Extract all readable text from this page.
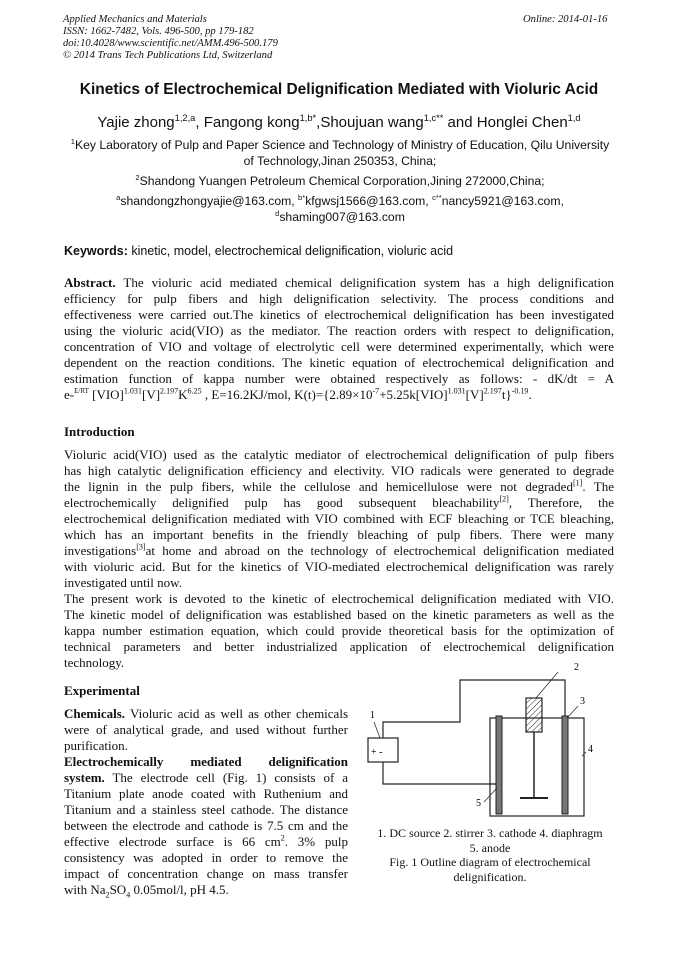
Applied Mechanics and Materials
ISSN: 1662-7482, Vols. 496-500, pp 179-182
doi:10.4028/www.scientific.net/AMM.496-500.179
© 2014 Trans Tech Publications Ltd, Switzerland
Online: 2014-01-16
Kinetics of Electrochemical Delignification Mediated with Violuric Acid
Yajie zhong$^{1,2,a}$, Fangong kong$^{1,b*}$,Shoujuan wang$^{1,c**}$ and Honglei Chen$^{1,d}$
$^1$Key Laboratory of Pulp and Paper Science and Technology of Ministry of Education, Qilu University
of Technology,Jinan 250353, China;
$^2$Shandong Yuangen Petroleum Chemical Corporation,Jining 272000,China;
$^a$shandongzhongyajie@163.com, $^{b*}$kfgwsj1566@163.com, $^{c**}$nancy5921@163.com,
$^d$shaming007@163.com
Keywords: kinetic, model, electrochemical delignification, violuric acid
Abstract. The violuric acid mediated chemical delignification system has a high delignification
efficiency for pulp fibers and high delignification selectivity. The process conditions and
effectiveness were carried out.The kinetics of electrochemical delignification has been investigated
using the violuric acid(VIO) as the mediator. The reaction orders with respect to delignification,
concentration of VIO and voltage of electrolytic cell were determined experimentally, which were
dependent on the reaction conditions. The kinetic equation of electrochemical delignification and
estimation function of kappa number were obtained respectively as follows: - dK/dt = A
e-E/RT $[VIO]^{1.031}[V]^{2.197}K^{6.25}$ , E=16.2KJ/mol, $K(t)=\{2.89\times 10^{-7}+5.25k[VIO]^{1.031}[V]^{2.197}t\}^{-0.19}$.
Introduction
Violuric acid(VIO) used as the catalytic mediator of electrochemical delignification of pulp fibers
has high catalytic delignification efficiency and electivity. VIO radicals were generated to degrade
the lignin in the pulp fibers, while the cellulose and hemicellulose were not degraded[1]. The
electrochemically delignified pulp has good subsequent bleachability[2], Therefore, the
electrochemical delignification mediated with VIO combined with ECF bleaching or TCE bleaching,
which has an important benefits in the friendly bleaching of pulp fibers. There were many
investigations[3]at home and abroad on the technology of electrochemical delignification mediated
with violuric acid. But for the kinetics of VIO-mediated electrochemical delignification was rarely
investigated until now.
The present work is devoted to the kinetic of electrochemical delignification mediated with VIO.
The kinetic model of delignification was established based on the kinetic parameters as well as the
kappa number estimation equation, which could provide theoretical basis for the optimization of
technical parameters and better industrialized application of electrochemical delignification
technology.
Experimental
Chemicals. Violuric acid as well as other chemicals
were of analytical grade, and used without further
purification.
Electrochemically mediated delignification
system. The electrode cell (Fig. 1) consists of a
Titanium plate anode coated with Ruthenium and
Titanium and a stainless steel cathode. The distance
between the electrode and cathode is 7.5 cm and the
effective electrode surface is 66 $cm^2$. 3% pulp
consistency was adopted in order to remove the
impact of concentration change on mass transfer
with $Na_2SO_4$ 0.05mol/l, pH 4.5.
+ -
1
2
3
4
5
1. DC source 2. stirrer 3. cathode 4. diaphragm
5. anode
Fig. 1 Outline diagram of electrochemical
delignification.
